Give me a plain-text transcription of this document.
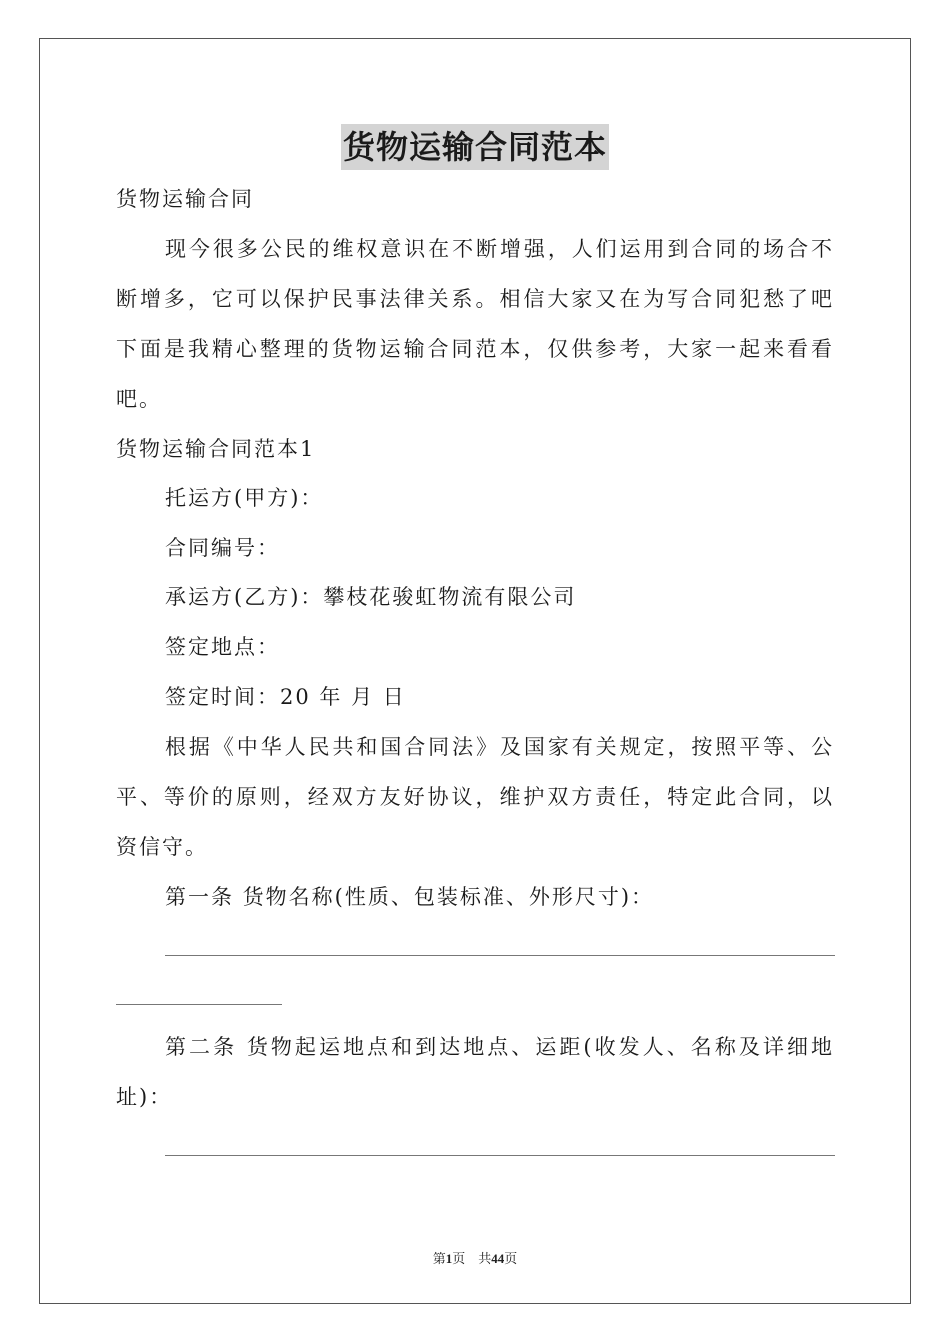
货物运输合同范本
货物运输合同
现今很多公民的维权意识在不断增强，人们运用到合同的场合不
断增多，它可以保护民事法律关系。相信大家又在为写合同犯愁了吧
下面是我精心整理的货物运输合同范本，仅供参考，大家一起来看看
吧。
货物运输合同范本1
托运方(甲方)：
合同编号：
承运方(乙方)：攀枝花骏虹物流有限公司
签定地点：
签定时间：20 年 月 日
根据《中华人民共和国合同法》及国家有关规定，按照平等、公
平、等价的原则，经双方友好协议，维护双方责任，特定此合同，以
资信守。
第一条 货物名称(性质、包装标准、外形尺寸)：
第二条 货物起运地点和到达地点、运距(收发人、名称及详细地
址)：
第1页 共44页
